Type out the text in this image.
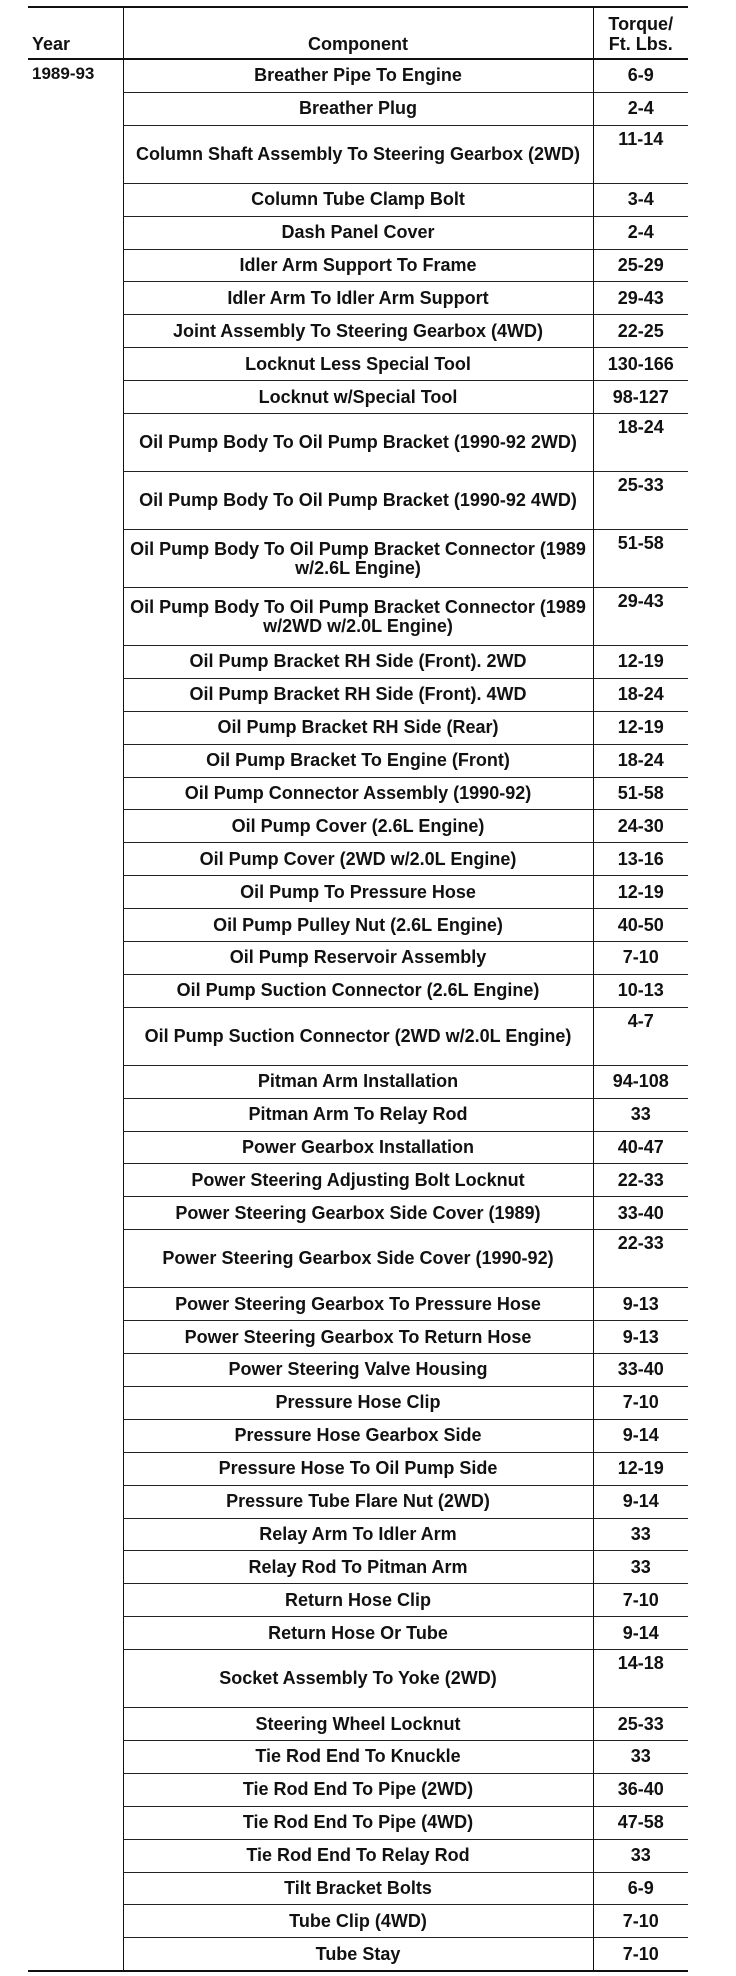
Year	Component	Torque/
Ft. Lbs.
1989-93	Breather Pipe To Engine	6-9
	Breather Plug	2-4
	Column Shaft Assembly To Steering Gearbox (2WD)	11-14
	Column Tube Clamp Bolt	3-4
	Dash Panel Cover	2-4
	Idler Arm Support To Frame	25-29
	Idler Arm To Idler Arm Support	29-43
	Joint Assembly To Steering Gearbox (4WD)	22-25
	Locknut Less Special Tool	130-166
	Locknut w/Special Tool	98-127
	Oil Pump Body To Oil Pump Bracket (1990-92 2WD)	18-24
	Oil Pump Body To Oil Pump Bracket (1990-92 4WD)	25-33
	Oil Pump Body To Oil Pump Bracket Connector (1989 w/2.6L Engine)	51-58
	Oil Pump Body To Oil Pump Bracket Connector (1989 w/2WD w/2.0L Engine)	29-43
	Oil Pump Bracket RH Side (Front). 2WD	12-19
	Oil Pump Bracket RH Side (Front). 4WD	18-24
	Oil Pump Bracket RH Side (Rear)	12-19
	Oil Pump Bracket To Engine (Front)	18-24
	Oil Pump Connector Assembly (1990-92)	51-58
	Oil Pump Cover (2.6L Engine)	24-30
	Oil Pump Cover (2WD w/2.0L Engine)	13-16
	Oil Pump To Pressure Hose	12-19
	Oil Pump Pulley Nut (2.6L Engine)	40-50
	Oil Pump Reservoir Assembly	7-10
	Oil Pump Suction Connector (2.6L Engine)	10-13
	Oil Pump Suction Connector (2WD w/2.0L Engine)	4-7
	Pitman Arm Installation	94-108
	Pitman Arm To Relay Rod	33
	Power Gearbox Installation	40-47
	Power Steering Adjusting Bolt Locknut	22-33
	Power Steering Gearbox Side Cover (1989)	33-40
	Power Steering Gearbox Side Cover (1990-92)	22-33
	Power Steering Gearbox To Pressure Hose	9-13
	Power Steering Gearbox To Return Hose	9-13
	Power Steering Valve Housing	33-40
	Pressure Hose Clip	7-10
	Pressure Hose Gearbox Side	9-14
	Pressure Hose To Oil Pump Side	12-19
	Pressure Tube Flare Nut (2WD)	9-14
	Relay Arm To Idler Arm	33
	Relay Rod To Pitman Arm	33
	Return Hose Clip	7-10
	Return Hose Or Tube	9-14
	Socket Assembly To Yoke (2WD)	14-18
	Steering Wheel Locknut	25-33
	Tie Rod End To Knuckle	33
	Tie Rod End To Pipe (2WD)	36-40
	Tie Rod End To Pipe (4WD)	47-58
	Tie Rod End To Relay Rod	33
	Tilt Bracket Bolts	6-9
	Tube Clip (4WD)	7-10
	Tube Stay	7-10
